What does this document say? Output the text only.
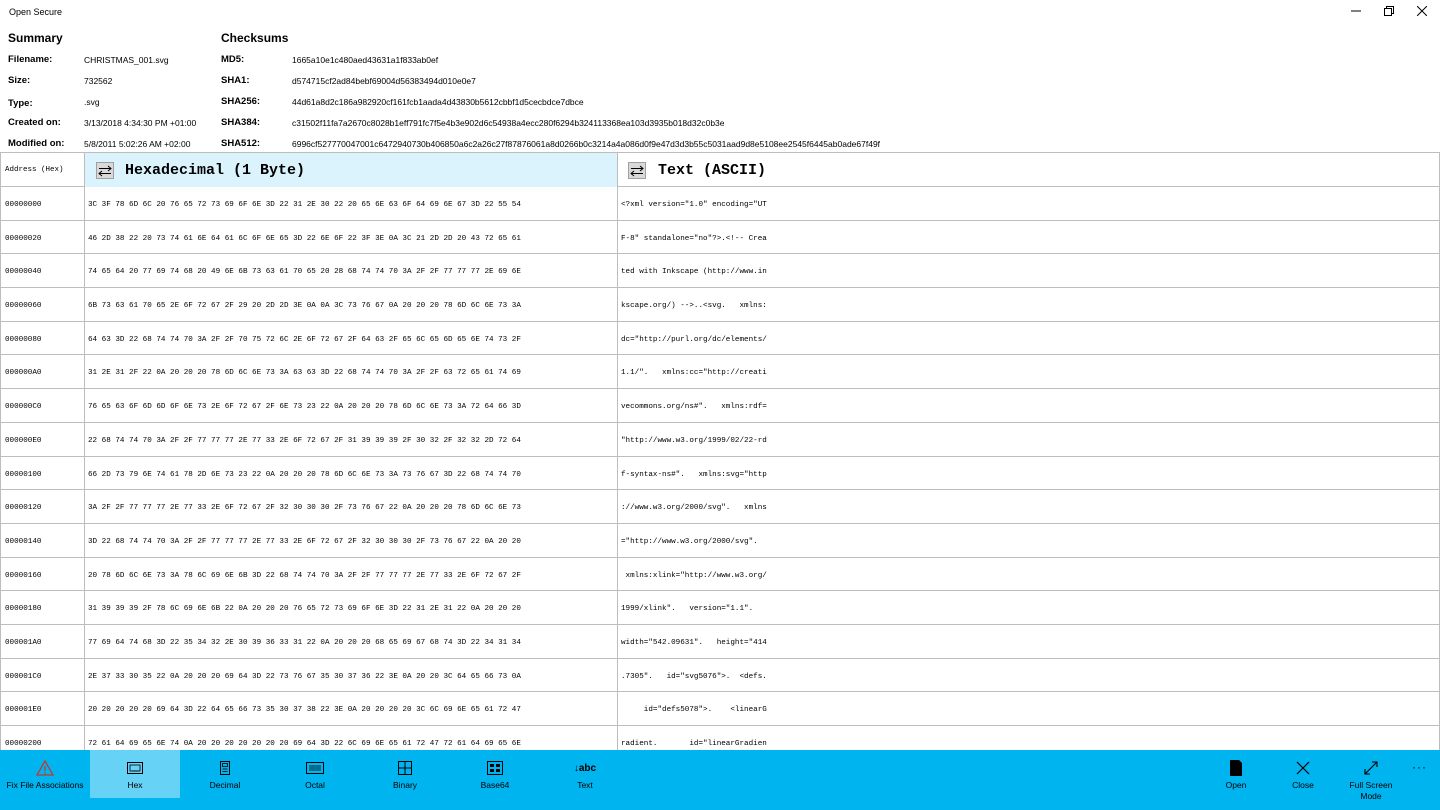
Open Secure
Summary	Checksums
Filename:	CHRISTMAS_001.svg
Size:	732562
Type:	.svg
Created on:	3/13/2018 4:34:30 PM +01:00
Modified on: 5/8/2011 5:02:26 AM +02:00
MD5:	1665a10e1c480aed43631a1f833ab0ef
SHA1:	d574715cf2ad84bebf69004d56383494d010e0e7
SHA256:	44d61a8d2c186a982920cf161fcb1aada4d43830b5612cbbf1d5cecbdce7dbce
SHA384:	c31502f11fa7a2670c8028b1eff791fc7f5e4b3e902d6c54938a4ecc280f6294b324113368ea103d3935b018d32c0b3e
SHA512:	6996cf527770047001c6472940730b406850a6c2a26c27f87876061a8d0266b0c3214a4a086d0f9e47d3d3b55c5031aad9d8e5108ee2545f6445ab0ade67f49f
Address (Hex)	Hexadecimal (1 Byte)	Text (ASCII)
00000000	3C 3F 78 6D 6C 20 76 65 72 73 69 6F 6E 3D 22 31 2E 30 22 20 65 6E 63 6F 64 69 6E 67 3D 22 55 54	<?xml version="1.0" encoding="UT
00000020	46 2D 38 22 20 73 74 61 6E 64 61 6C 6F 6E 65 3D 22 6E 6F 22 3F 3E 0A 3C 21 2D 2D 20 43 72 65 61	F-8" standalone="no"?>.<!-- Crea
00000040	74 65 64 20 77 69 74 68 20 49 6E 6B 73 63 61 70 65 20 28 68 74 74 70 3A 2F 2F 77 77 77 2E 69 6E	ted with Inkscape (http://www.in
00000060	6B 73 63 61 70 65 2E 6F 72 67 2F 29 20 2D 2D 3E 0A 0A 3C 73 76 67 0A 20 20 20 78 6D 6C 6E 73 3A	kscape.org/) -->..<svg.   xmlns:
00000080	64 63 3D 22 68 74 74 70 3A 2F 2F 70 75 72 6C 2E 6F 72 67 2F 64 63 2F 65 6C 65 6D 65 6E 74 73 2F	dc="http://purl.org/dc/elements/
000000A0	31 2E 31 2F 22 0A 20 20 20 78 6D 6C 6E 73 3A 63 63 3D 22 68 74 74 70 3A 2F 2F 63 72 65 61 74 69	1.1/".   xmlns:cc="http://creati
000000C0	76 65 63 6F 6D 6D 6F 6E 73 2E 6F 72 67 2F 6E 73 23 22 0A 20 20 20 78 6D 6C 6E 73 3A 72 64 66 3D	vecommons.org/ns#".   xmlns:rdf=
000000E0	22 68 74 74 70 3A 2F 2F 77 77 77 2E 77 33 2E 6F 72 67 2F 31 39 39 39 2F 30 32 2F 32 32 2D 72 64	"http://www.w3.org/1999/02/22-rd
00000100	66 2D 73 79 6E 74 61 78 2D 6E 73 23 22 0A 20 20 20 78 6D 6C 6E 73 3A 73 76 67 3D 22 68 74 74 70	f-syntax-ns#".   xmlns:svg="http
00000120	3A 2F 2F 77 77 77 2E 77 33 2E 6F 72 67 2F 32 30 30 30 2F 73 76 67 22 0A 20 20 20 78 6D 6C 6E 73	://www.w3.org/2000/svg".   xmlns
00000140	3D 22 68 74 74 70 3A 2F 2F 77 77 77 2E 77 33 2E 6F 72 67 2F 32 30 30 30 2F 73 76 67 22 0A 20 20	="http://www.w3.org/2000/svg".
00000160	20 78 6D 6C 6E 73 3A 78 6C 69 6E 6B 3D 22 68 74 74 70 3A 2F 2F 77 77 77 2E 77 33 2E 6F 72 67 2F	xmlns:xlink="http://www.w3.org/
00000180	31 39 39 39 2F 78 6C 69 6E 6B 22 0A 20 20 20 76 65 72 73 69 6F 6E 3D 22 31 2E 31 22 0A 20 20 20	1999/xlink".   version="1.1".
000001A0	77 69 64 74 68 3D 22 35 34 32 2E 30 39 36 33 31 22 0A 20 20 20 68 65 69 67 68 74 3D 22 34 31 34	width="542.09631".   height="414
000001C0	2E 37 33 30 35 22 0A 20 20 20 69 64 3D 22 73 76 67 35 30 37 36 22 3E 0A 20 20 3C 64 65 66 73 0A	.7305".   id="svg5076">.  <defs.
000001E0	20 20 20 20 20 69 64 3D 22 64 65 66 73 35 30 37 38 22 3E 0A 20 20 20 20 3C 6C 69 6E 65 61 72 47	id="defs5078">.    <linearG
00000200	72 61 64 69 65 6E 74 0A 20 20 20 20 20 20 20 69 64 3D 22 6C 69 6E 65 61 72 47 72 61 64 69 65 6E	radient.       id="linearGradien
Fix File Associations	Hex	Decimal	Octal	Binary	Base64
↓abc
Text	Open	Close	Full Screen Mode
···
